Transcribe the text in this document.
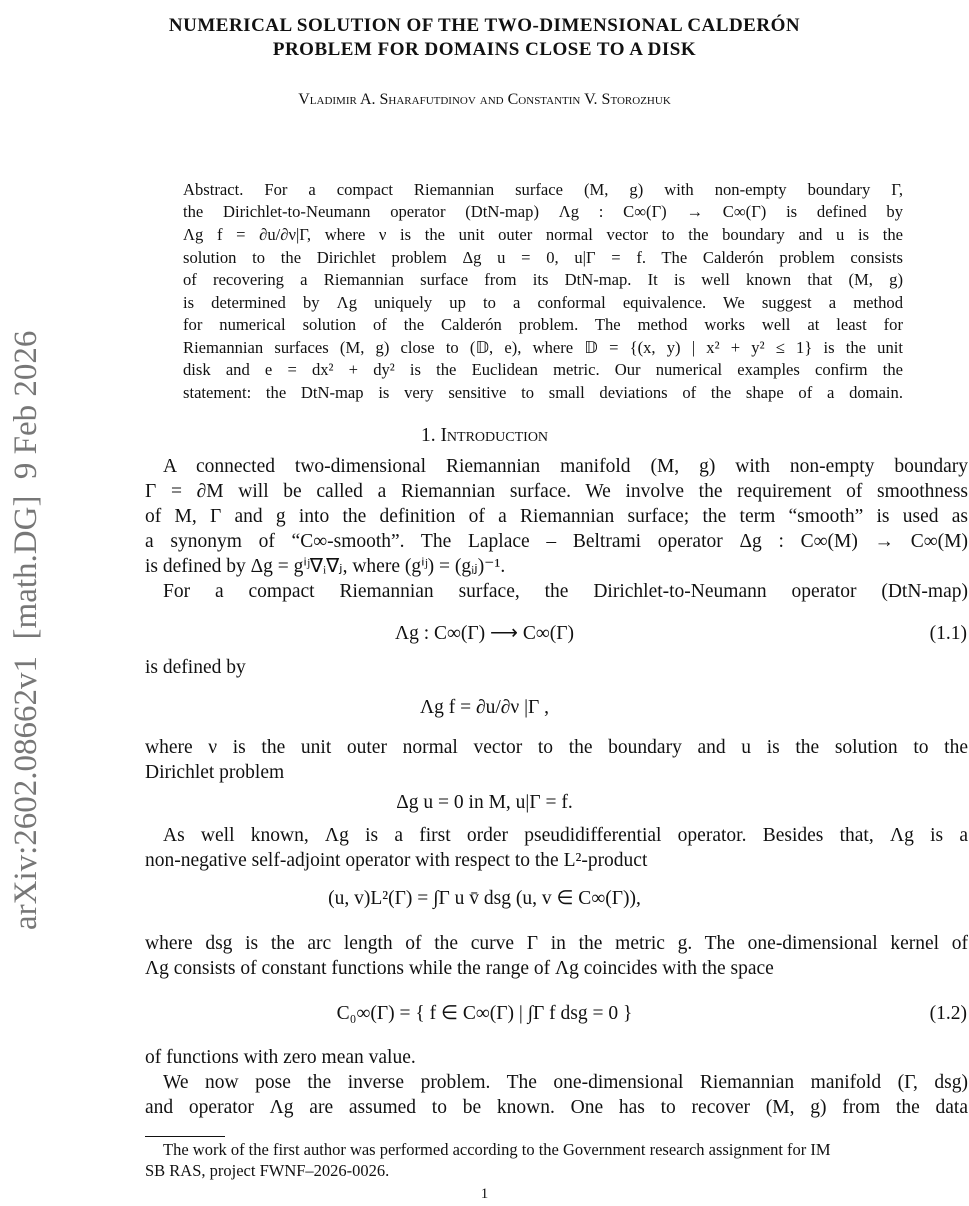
arXiv:2602.08662v1  [math.DG]  9 Feb 2026
NUMERICAL SOLUTION OF THE TWO-DIMENSIONAL CALDERÓN
PROBLEM FOR DOMAINS CLOSE TO A DISK
Vladimir A. Sharafutdinov and Constantin V. Storozhuk
Abstract. For a compact Riemannian surface (M, g) with non-empty boundary Γ,
the Dirichlet-to-Neumann operator (DtN-map) Λg : C∞(Γ) → C∞(Γ) is defined by
Λg f = ∂u/∂ν|Γ, where ν is the unit outer normal vector to the boundary and u is the
solution to the Dirichlet problem Δg u = 0, u|Γ = f. The Calderón problem consists
of recovering a Riemannian surface from its DtN-map. It is well known that (M, g)
is determined by Λg uniquely up to a conformal equivalence. We suggest a method
for numerical solution of the Calderón problem. The method works well at least for
Riemannian surfaces (M, g) close to (𝔻, e), where 𝔻 = {(x, y) | x² + y² ≤ 1} is the unit
disk and e = dx² + dy² is the Euclidean metric. Our numerical examples confirm the
statement: the DtN-map is very sensitive to small deviations of the shape of a domain.
1. Introduction
A connected two-dimensional Riemannian manifold (M, g) with non-empty boundary
Γ = ∂M will be called a Riemannian surface. We involve the requirement of smoothness
of M, Γ and g into the definition of a Riemannian surface; the term “smooth” is used as
a synonym of “C∞-smooth”. The Laplace – Beltrami operator Δg : C∞(M) → C∞(M)
is defined by Δg = gⁱʲ∇ᵢ∇ⱼ, where (gⁱʲ) = (gᵢⱼ)⁻¹.
For a compact Riemannian surface, the Dirichlet-to-Neumann operator (DtN-map)
Λg : C∞(Γ) ⟶ C∞(Γ)	(1.1)
is defined by
Λg f = ∂u/∂ν |Γ ,
where ν is the unit outer normal vector to the boundary and u is the solution to the
Dirichlet problem
Δg u = 0 in M, u|Γ = f.
As well known, Λg is a first order pseudidifferential operator. Besides that, Λg is a
non-negative self-adjoint operator with respect to the L²-product
(u, v)L²(Γ) = ∫Γ u v̄ dsg (u, v ∈ C∞(Γ)),
where dsg is the arc length of the curve Γ in the metric g. The one-dimensional kernel of
Λg consists of constant functions while the range of Λg coincides with the space
C₀∞(Γ) = { f ∈ C∞(Γ) | ∫Γ f dsg = 0 }	(1.2)
of functions with zero mean value.
We now pose the inverse problem. The one-dimensional Riemannian manifold (Γ, dsg)
and operator Λg are assumed to be known. One has to recover (M, g) from the data
The work of the first author was performed according to the Government research assignment for IM
SB RAS, project FWNF–2026-0026.
1
